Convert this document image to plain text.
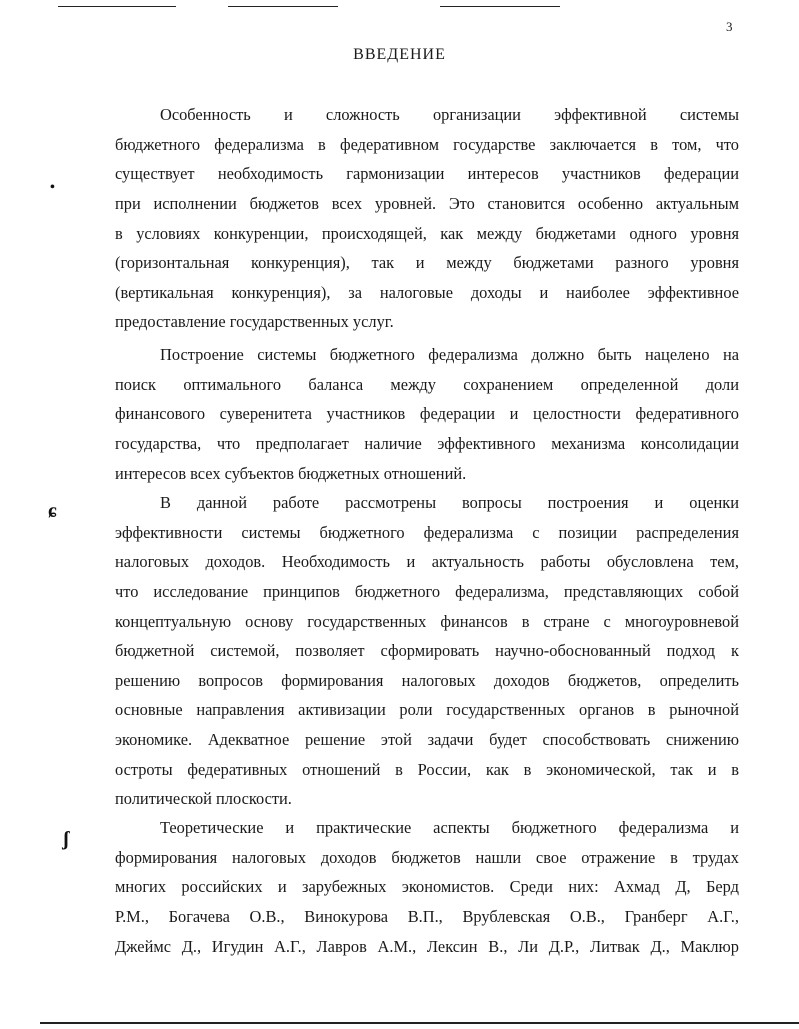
•
ɕ
ʃ
3
ВВЕДЕНИЕ
Особенность и сложность организации эффективной системы
бюджетного федерализма в федеративном государстве заключается в том, что
существует необходимость гармонизации интересов участников федерации
при исполнении бюджетов всех уровней. Это становится особенно актуальным
в условиях конкуренции, происходящей, как между бюджетами одного уровня
(горизонтальная конкуренция), так и между бюджетами разного уровня
(вертикальная конкуренция), за налоговые доходы и наиболее эффективное
предоставление государственных услуг.
Построение системы бюджетного федерализма должно быть нацелено на
поиск оптимального баланса между сохранением определенной доли
финансового суверенитета участников федерации и целостности федеративного
государства, что предполагает наличие эффективного механизма консолидации
интересов всех субъектов бюджетных отношений.
В данной работе рассмотрены вопросы построения и оценки
эффективности системы бюджетного федерализма с позиции распределения
налоговых доходов. Необходимость и актуальность работы обусловлена тем,
что исследование принципов бюджетного федерализма, представляющих собой
концептуальную основу государственных финансов в стране с многоуровневой
бюджетной системой, позволяет сформировать научно-обоснованный подход к
решению вопросов формирования налоговых доходов бюджетов, определить
основные направления активизации роли государственных органов в рыночной
экономике. Адекватное решение этой задачи будет способствовать снижению
остроты федеративных отношений в России, как в экономической, так и в
политической плоскости.
Теоретические и практические аспекты бюджетного федерализма и
формирования налоговых доходов бюджетов нашли свое отражение в трудах
многих российских и зарубежных экономистов. Среди них: Ахмад Д, Берд
Р.М., Богачева О.В., Винокурова В.П., Врублевская О.В., Гранберг А.Г.,
Джеймс Д., Игудин А.Г., Лавров А.М., Лексин В., Ли Д.Р., Литвак Д., Маклюр
